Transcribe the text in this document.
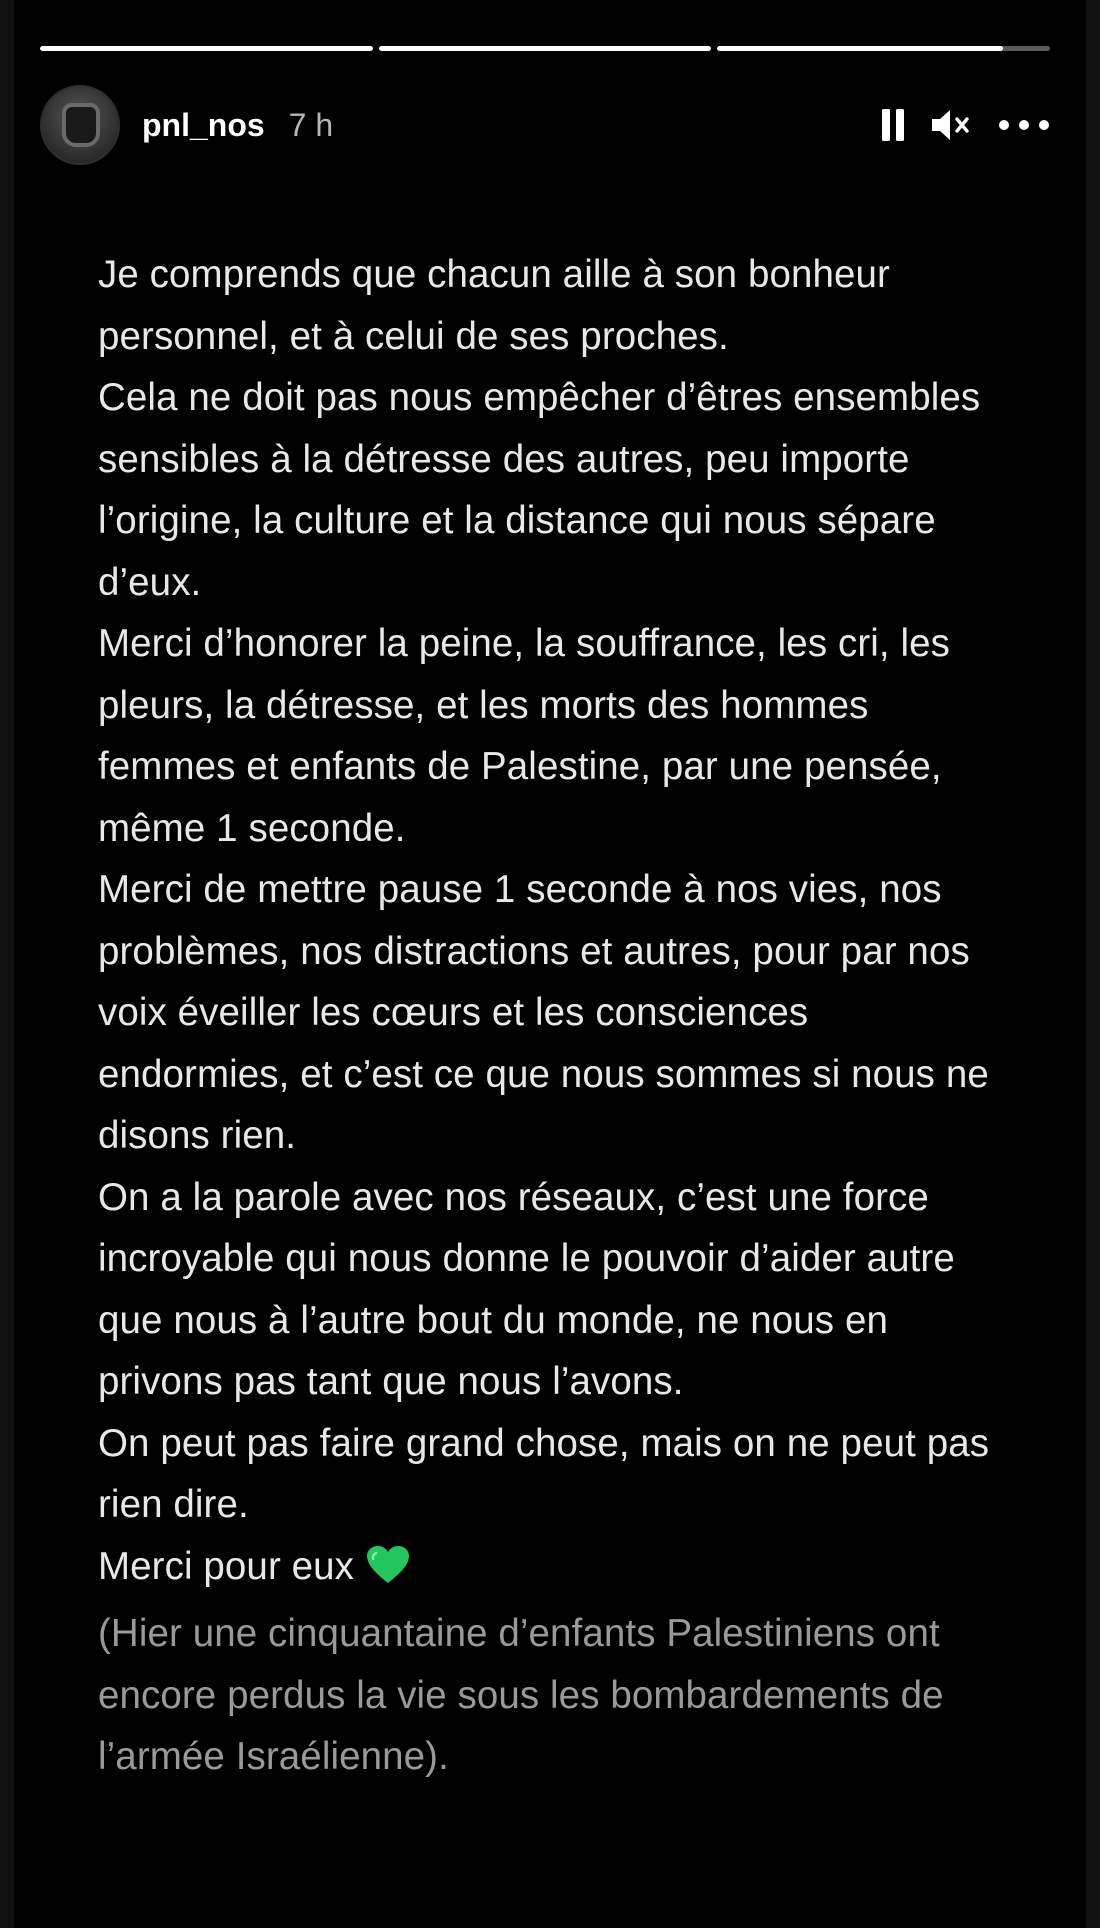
pnl_nos 7 h

Je comprends que chacun aille à son bonheur personnel, et à celui de ses proches.

Cela ne doit pas nous empêcher d’êtres ensembles sensibles à la détresse des autres, peu importe l’origine, la culture et la distance qui nous sépare d’eux.

Merci d’honorer la peine, la souffrance, les cri, les pleurs, la détresse, et les morts des hommes femmes et enfants de Palestine, par une pensée, même 1 seconde.

Merci de mettre pause 1 seconde à nos vies, nos problèmes, nos distractions et autres, pour par nos voix éveiller les cœurs et les consciences endormies, et c’est ce que nous sommes si nous ne disons rien.

On a la parole avec nos réseaux, c’est une force incroyable qui nous donne le pouvoir d’aider autre que nous à l’autre bout du monde, ne nous en privons pas tant que nous l’avons.

On peut pas faire grand chose, mais on ne peut pas rien dire.

Merci pour eux

(Hier une cinquantaine d’enfants Palestiniens ont encore perdus la vie sous les bombardements de l’armée Israélienne).
